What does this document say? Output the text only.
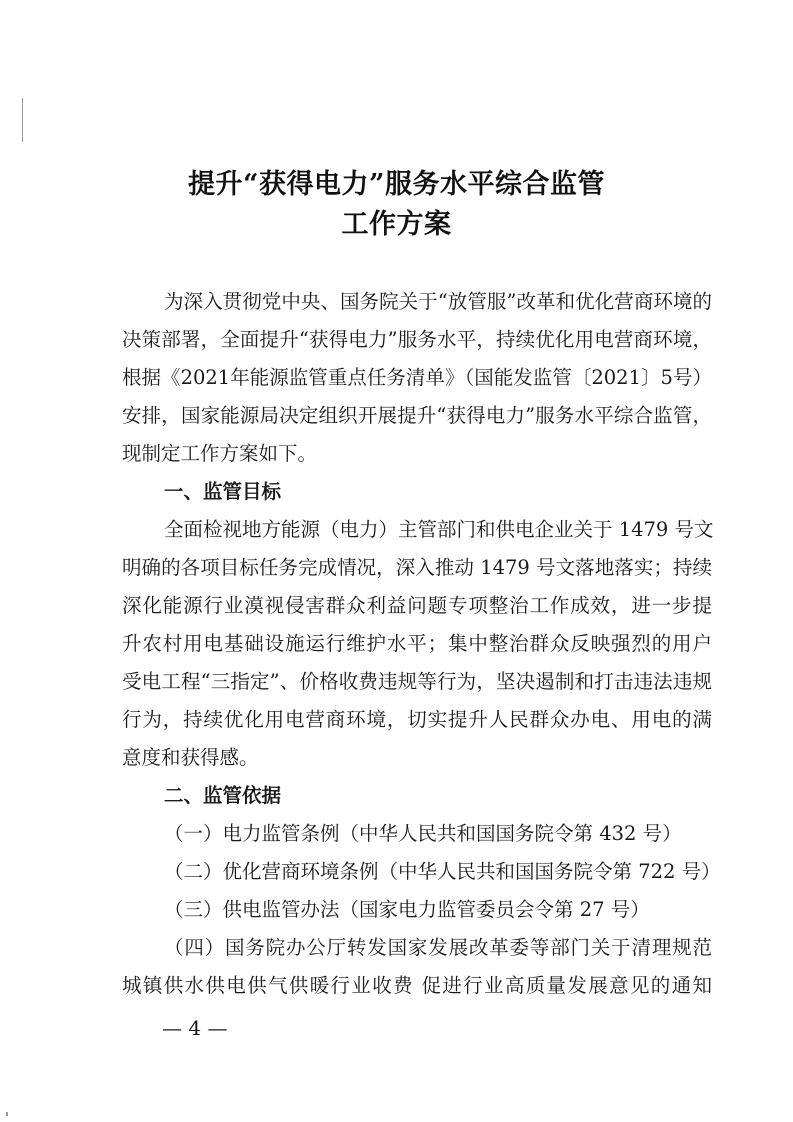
提升“获得电力”服务水平综合监管
工作方案
为深入贯彻党中央、国务院关于“放管服”改革和优化营商环境的
决策部署，全面提升“获得电力”服务水平，持续优化用电营商环境，
根据《2021年能源监管重点任务清单》（国能发监管〔2021〕5号）
安排，国家能源局决定组织开展提升“获得电力”服务水平综合监管，
现制定工作方案如下。
一、监管目标
全面检视地方能源（电力）主管部门和供电企业关于 1479 号文
明确的各项目标任务完成情况，深入推动 1479 号文落地落实；持续
深化能源行业漠视侵害群众利益问题专项整治工作成效，进一步提
升农村用电基础设施运行维护水平；集中整治群众反映强烈的用户
受电工程“三指定”、价格收费违规等行为，坚决遏制和打击违法违规
行为，持续优化用电营商环境，切实提升人民群众办电、用电的满
意度和获得感。
二、监管依据
（一）电力监管条例（中华人民共和国国务院令第 432 号）
（二）优化营商环境条例（中华人民共和国国务院令第 722 号）
（三）供电监管办法（国家电力监管委员会令第 27 号）
（四）国务院办公厅转发国家发展改革委等部门关于清理规范
城镇供水供电供气供暖行业收费 促进行业高质量发展意见的通知
— 4 —
